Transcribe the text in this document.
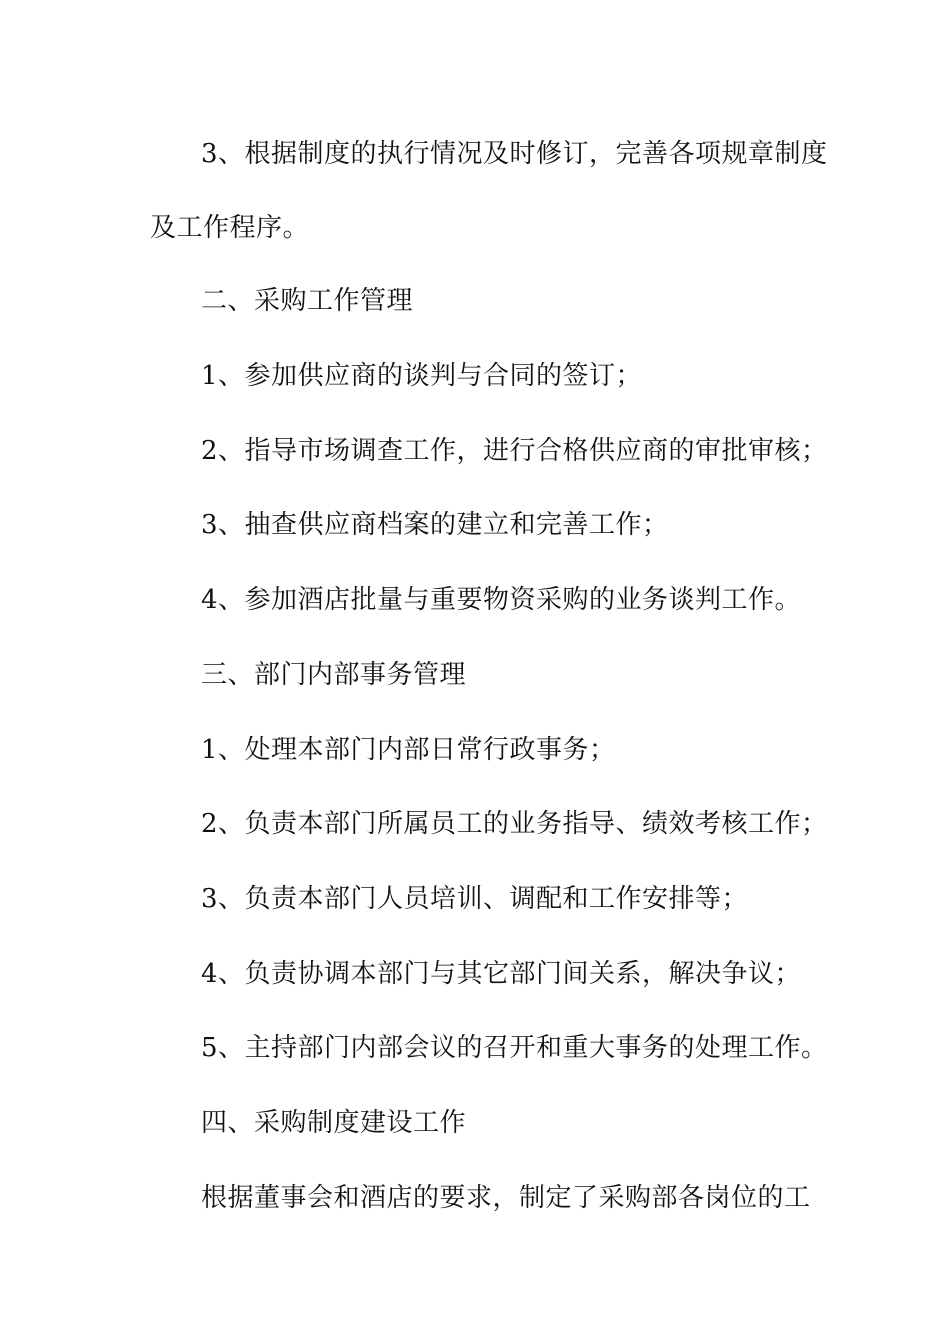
3、根据制度的执行情况及时修订，完善各项规章制度
及工作程序。
二、采购工作管理
1、参加供应商的谈判与合同的签订；
2、指导市场调查工作，进行合格供应商的审批审核；
3、抽查供应商档案的建立和完善工作；
4、参加酒店批量与重要物资采购的业务谈判工作。
三、部门内部事务管理
1、处理本部门内部日常行政事务；
2、负责本部门所属员工的业务指导、绩效考核工作；
3、负责本部门人员培训、调配和工作安排等；
4、负责协调本部门与其它部门间关系，解决争议；
5、主持部门内部会议的召开和重大事务的处理工作。
四、采购制度建设工作
根据董事会和酒店的要求，制定了采购部各岗位的工
